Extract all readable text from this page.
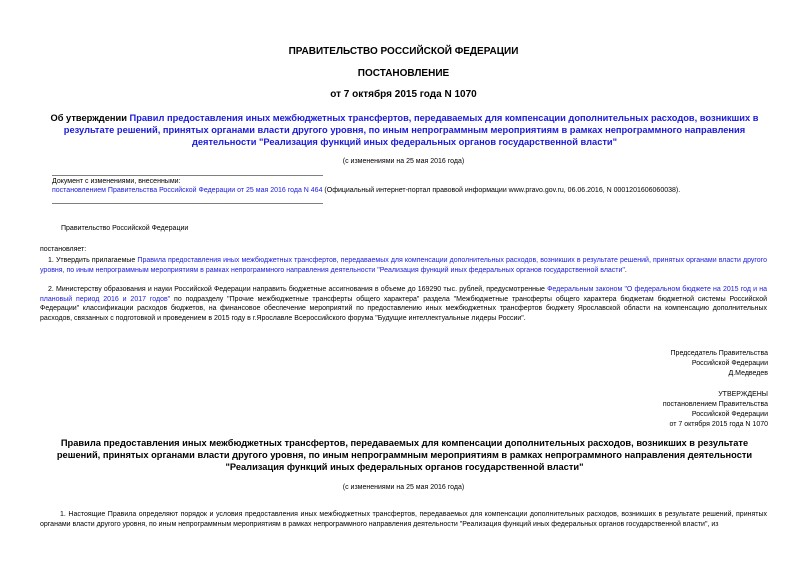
ПРАВИТЕЛЬСТВО РОССИЙСКОЙ ФЕДЕРАЦИИ
ПОСТАНОВЛЕНИЕ
от 7 октября 2015 года N 1070
Об утверждении Правил предоставления иных межбюджетных трансфертов, передаваемых для компенсации дополнительных расходов, возникших в результате решений, принятых органами власти другого уровня, по иным непрограммным мероприятиям в рамках непрограммного направления деятельности "Реализация функций иных федеральных органов государственной власти"
(с изменениями на 25 мая 2016 года)
Документ с изменениями, внесенными:
постановлением Правительства Российской Федерации от 25 мая 2016 года N 464 (Официальный интернет-портал правовой информации www.pravo.gov.ru, 06.06.2016, N 0001201606060038).
Правительство Российской Федерации
постановляет:
1. Утвердить прилагаемые Правила предоставления иных межбюджетных трансфертов, передаваемых для компенсации дополнительных расходов, возникших в результате решений, принятых органами власти другого уровня, по иным непрограммным мероприятиям в рамках непрограммного направления деятельности "Реализация функций иных федеральных органов государственной власти".
2. Министерству образования и науки Российской Федерации направить бюджетные ассигнования в объеме до 169290 тыс. рублей, предусмотренные Федеральным законом "О федеральном бюджете на 2015 год и на плановый период 2016 и 2017 годов" по подразделу "Прочие межбюджетные трансферты общего характера" раздела "Межбюджетные трансферты общего характера бюджетам бюджетной системы Российской Федерации" классификации расходов бюджетов, на финансовое обеспечение мероприятий по предоставлению иных межбюджетных трансфертов бюджету Ярославской области на компенсацию дополнительных расходов, связанных с подготовкой и проведением в 2015 году в г.Ярославле Всероссийского форума "Будущие интеллектуальные лидеры России".
Председатель Правительства
Российской Федерации
Д.Медведев
УТВЕРЖДЕНЫ
постановлением Правительства
Российской Федерации
от 7 октября 2015 года N 1070
Правила предоставления иных межбюджетных трансфертов, передаваемых для компенсации дополнительных расходов, возникших в результате решений, принятых органами власти другого уровня, по иным непрограммным мероприятиям в рамках непрограммного направления деятельности "Реализация функций иных федеральных органов государственной власти"
(с изменениями на 25 мая 2016 года)
1. Настоящие Правила определяют порядок и условия предоставления иных межбюджетных трансфертов, передаваемых для компенсации дополнительных расходов, возникших в результате решений, принятых органами власти другого уровня, по иным непрограммным мероприятиям в рамках непрограммного направления деятельности "Реализация функций иных федеральных органов государственной власти", из
